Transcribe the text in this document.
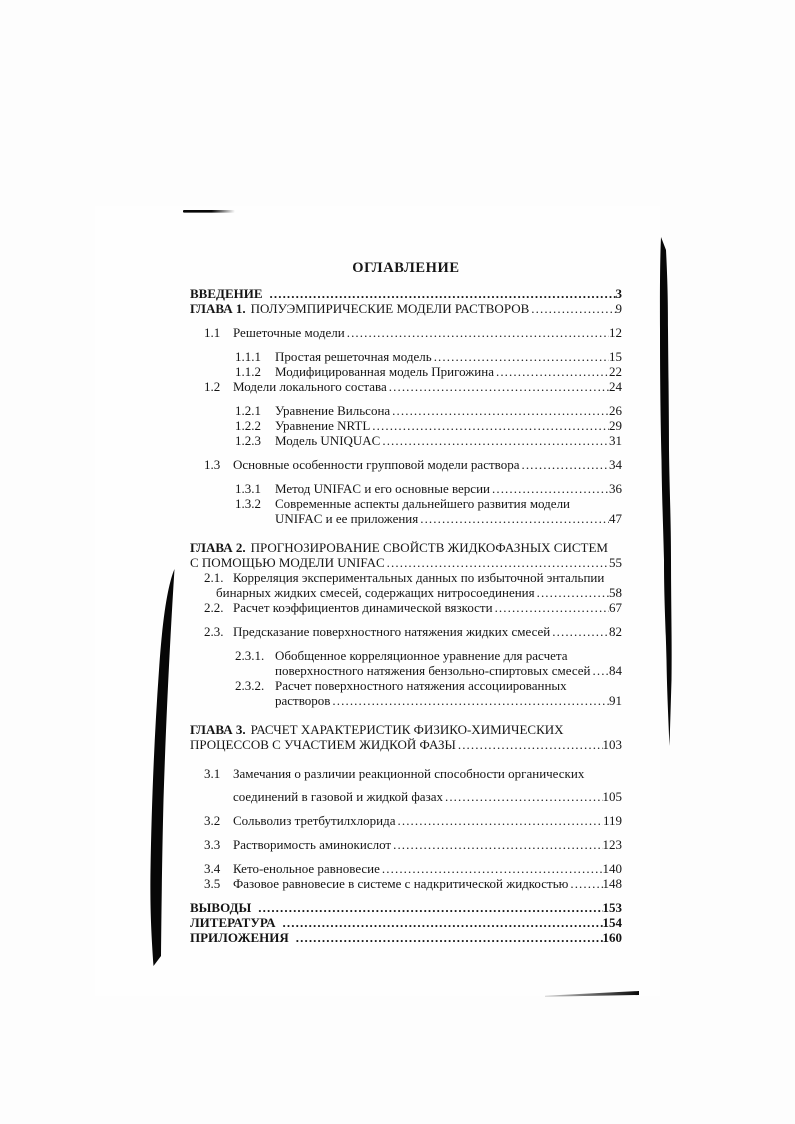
ОГЛАВЛЕНИЕ
ВВЕДЕНИЕ .....	3
ГЛАВА 1. ПОЛУЭМПИРИЧЕСКИЕ МОДЕЛИ РАСТВОРОВ .....	9
1.1 Решеточные модели .....	12
1.1.1	Простая решеточная модель .....	15
1.1.2	Модифицированная модель Пригожина .....	22
1.2 Модели локального состава .....	24
1.2.1	Уравнение Вильсона .....	26
1.2.2	Уравнение NRTL .....	29
1.2.3	Модель UNIQUAC .....	31
1.3 Основные особенности групповой модели раствора .....	34
1.3.1	Метод UNIFAC и его основные версии .....	36
1.3.2	Современные аспекты дальнейшего развития модели
UNIFAC и ее приложения .....	47
ГЛАВА 2. ПРОГНОЗИРОВАНИЕ СВОЙСТВ ЖИДКОФАЗНЫХ СИСТЕМ
С ПОМОЩЬЮ МОДЕЛИ UNIFAC .....	55
2.1. Корреляция экспериментальных данных по избыточной энтальпии
бинарных жидких смесей, содержащих нитросоединения .....	58
2.2. Расчет коэффициентов динамической вязкости .....	67
2.3. Предсказание поверхностного натяжения жидких смесей .....	82
2.3.1. Обобщенное корреляционное уравнение для расчета
поверхностного натяжения бензольно-спиртовых смесей ..... 84
2.3.2. Расчет поверхностного натяжения ассоциированных
растворов .....	91
ГЛАВА 3. РАСЧЕТ ХАРАКТЕРИСТИК ФИЗИКО-ХИМИЧЕСКИХ
ПРОЦЕССОВ С УЧАСТИЕМ ЖИДКОЙ ФАЗЫ .....	103
3.1 Замечания о различии реакционной способности органических
соединений в газовой и жидкой фазах .....	105
3.2 Сольволиз третбутилхлорида .....	119
3.3 Растворимость аминокислот .....	123
3.4 Кето-енольное равновесие .....	140
3.5 Фазовое равновесие в системе с надкритической жидкостью .....	148
ВЫВОДЫ .....	153
ЛИТЕРАТУРА .....	154
ПРИЛОЖЕНИЯ .....	160
